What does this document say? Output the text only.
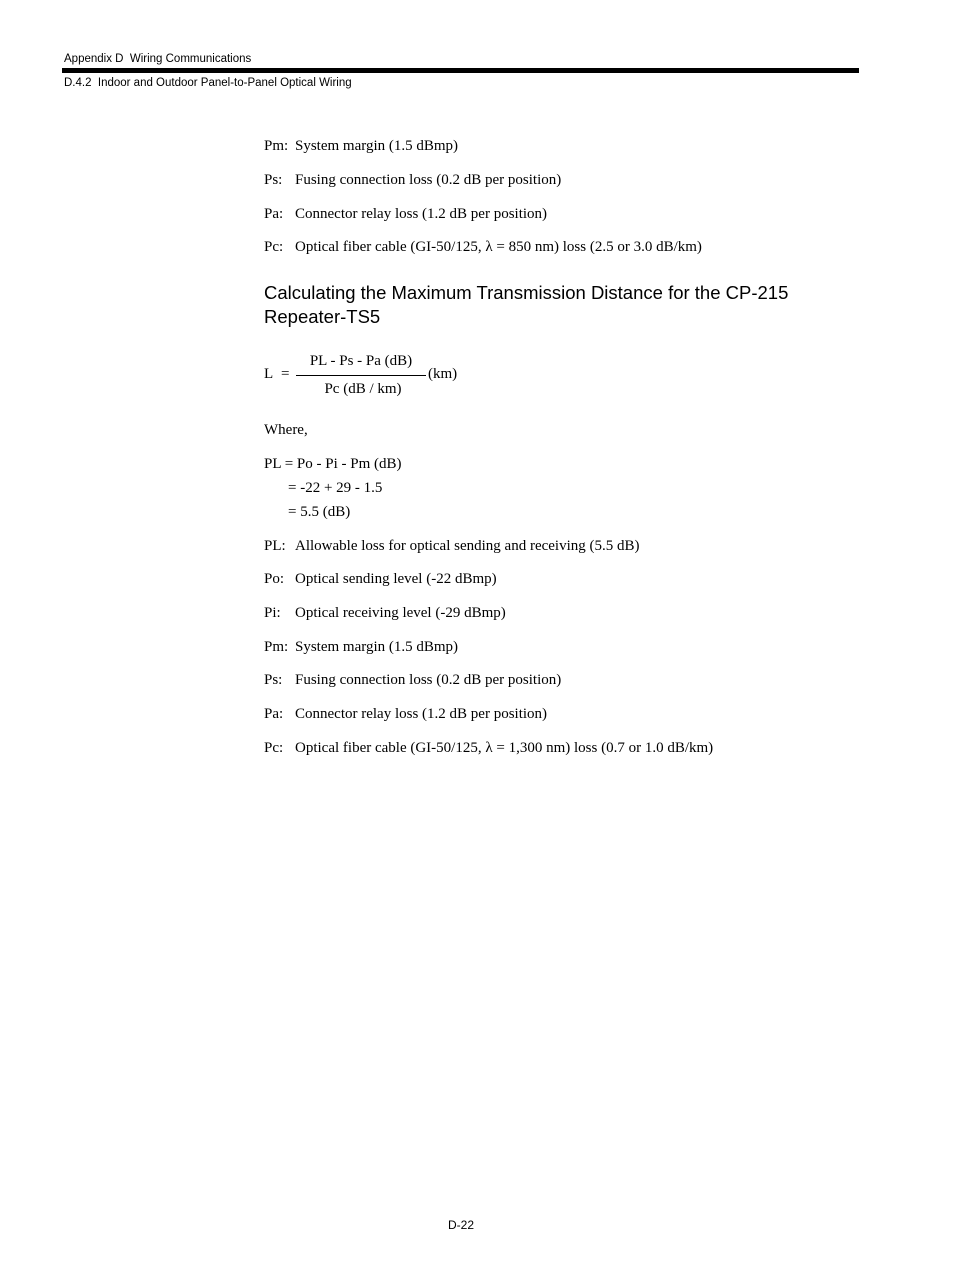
Appendix D  Wiring Communications
D.4.2  Indoor and Outdoor Panel-to-Panel Optical Wiring
Pm: System margin (1.5 dBmp)
Ps: Fusing connection loss (0.2 dB per position)
Pa: Connector relay loss (1.2 dB per position)
Pc: Optical fiber cable (GI-50/125, λ = 850 nm) loss (2.5 or 3.0 dB/km)
Calculating the Maximum Transmission Distance for the CP-215 Repeater-TS5
L =
PL - Ps - Pa (dB)
Pc (dB / km)
(km)
Where,
PL = Po - Pi - Pm (dB)
= -22 + 29 - 1.5
= 5.5 (dB)
PL: Allowable loss for optical sending and receiving (5.5 dB)
Po: Optical sending level (-22 dBmp)
Pi: Optical receiving level (-29 dBmp)
Pm: System margin (1.5 dBmp)
Ps: Fusing connection loss (0.2 dB per position)
Pa: Connector relay loss (1.2 dB per position)
Pc: Optical fiber cable (GI-50/125, λ = 1,300 nm) loss (0.7 or 1.0 dB/km)
D-22
